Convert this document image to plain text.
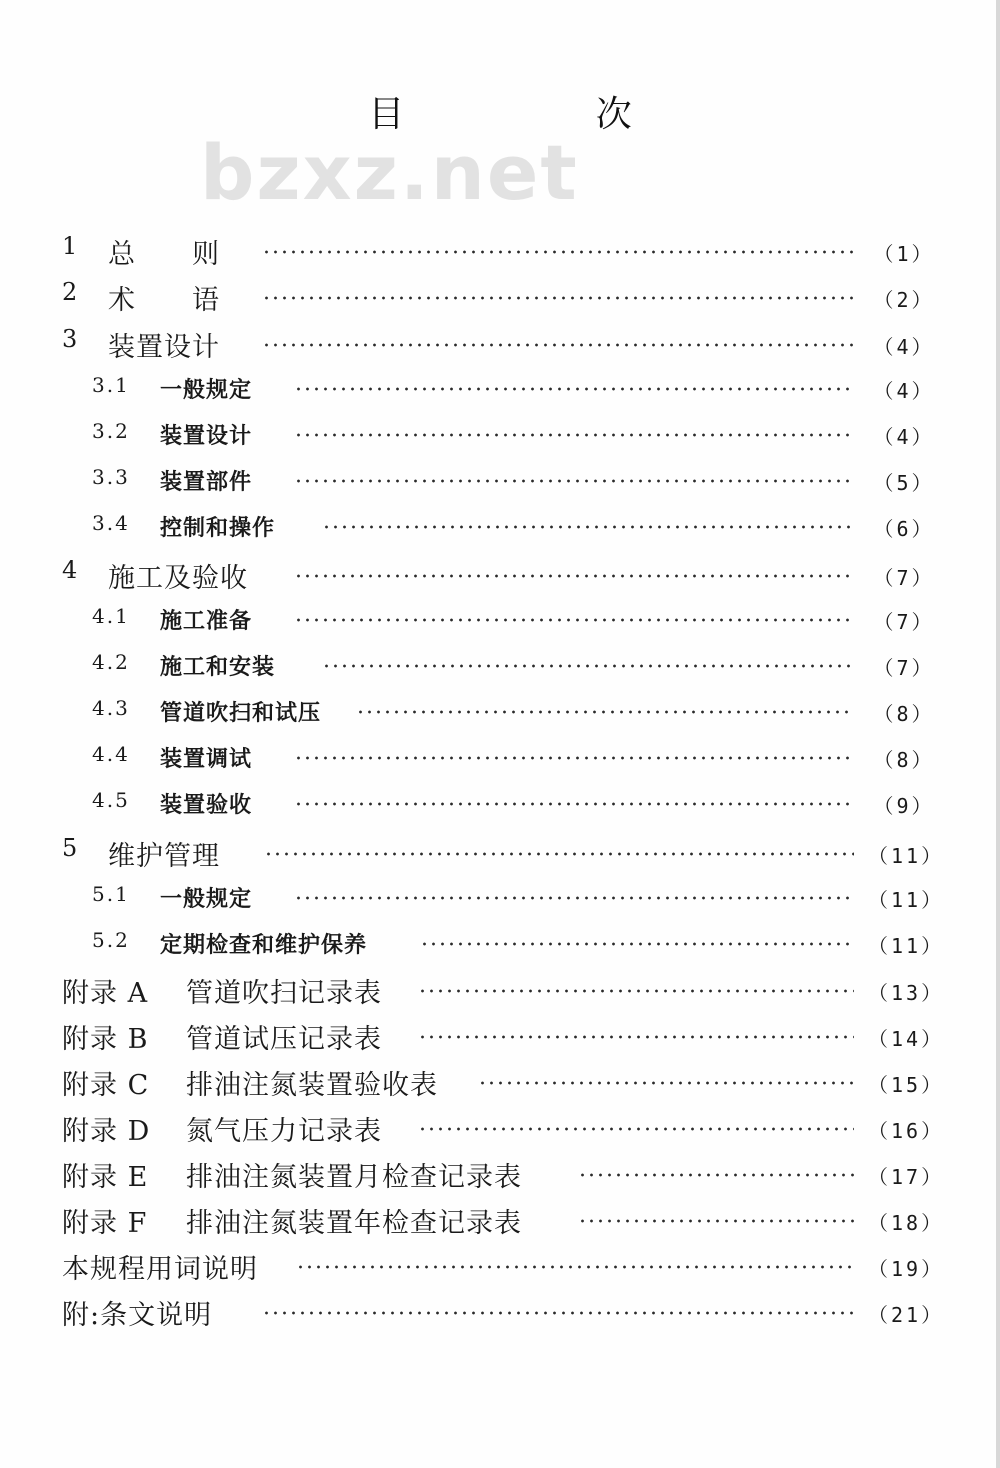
目 次
bzxz.net
1 总　　则	（1）
2 术　　语	（2）
3 装置设计	（4）
3.1 一般规定	（4）
3.2 装置设计	（4）
3.3 装置部件	（5）
3.4 控制和操作	（6）
4 施工及验收	（7）
4.1 施工准备	（7）
4.2 施工和安装	（7）
4.3 管道吹扫和试压	（8）
4.4 装置调试	（8）
4.5 装置验收	（9）
5 维护管理	（11）
5.1 一般规定	（11）
5.2 定期检查和维护保养	（11）
附录 A 管道吹扫记录表	（13）
附录 B 管道试压记录表	（14）
附录 C 排油注氮装置验收表	（15）
附录 D 氮气压力记录表	（16）
附录 E 排油注氮装置月检查记录表	（17）
附录 F 排油注氮装置年检查记录表	（18）
本规程用词说明	（19）
附:条文说明	（21）
